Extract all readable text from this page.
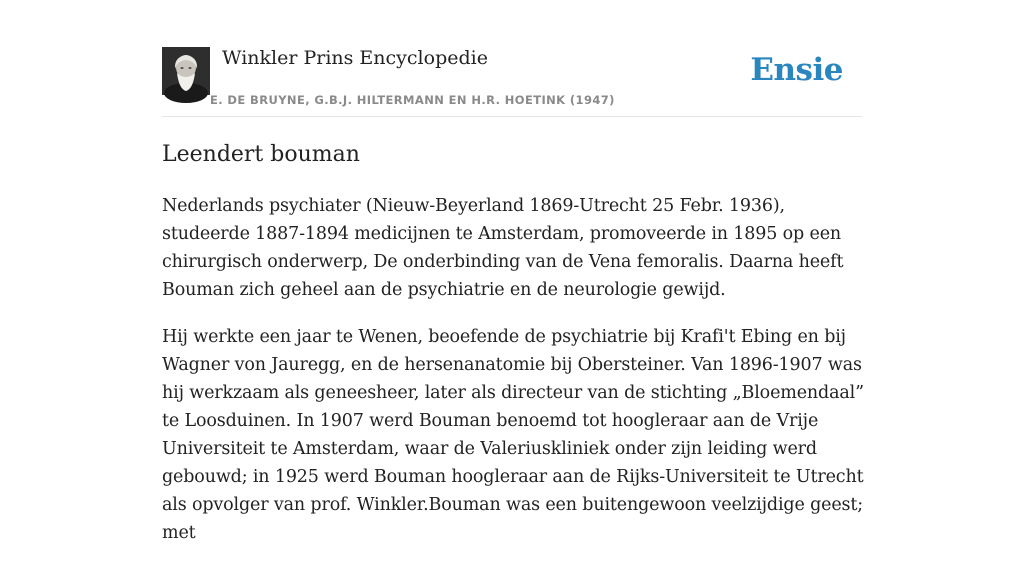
Winkler Prins Encyclopedie
E. DE BRUYNE, G.B.J. HILTERMANN EN H.R. HOETINK (1947)
Ensie
Leendert bouman

Nederlands psychiater (Nieuw-Beyerland 1869-Utrecht 25 Febr. 1936), studeerde 1887-1894 medicijnen te Amsterdam, promoveerde in 1895 op een chirurgisch onderwerp, De onderbinding van de Vena femoralis. Daarna heeft Bouman zich geheel aan de psychiatrie en de neurologie gewijd.

Hij werkte een jaar te Wenen, beoefende de psychiatrie bij Krafi't Ebing en bij Wagner von Jauregg, en de hersenanatomie bij Obersteiner. Van 1896-1907 was hij werkzaam als geneesheer, later als directeur van de stichting „Bloemendaal” te Loosduinen. In 1907 werd Bouman benoemd tot hoogleraar aan de Vrije Universiteit te Amsterdam, waar de Valeriuskliniek onder zijn leiding werd gebouwd; in 1925 werd Bouman hoogleraar aan de Rijks-Universiteit te Utrecht als opvolger van prof. Winkler.Bouman was een buitengewoon veelzijdige geest; met
